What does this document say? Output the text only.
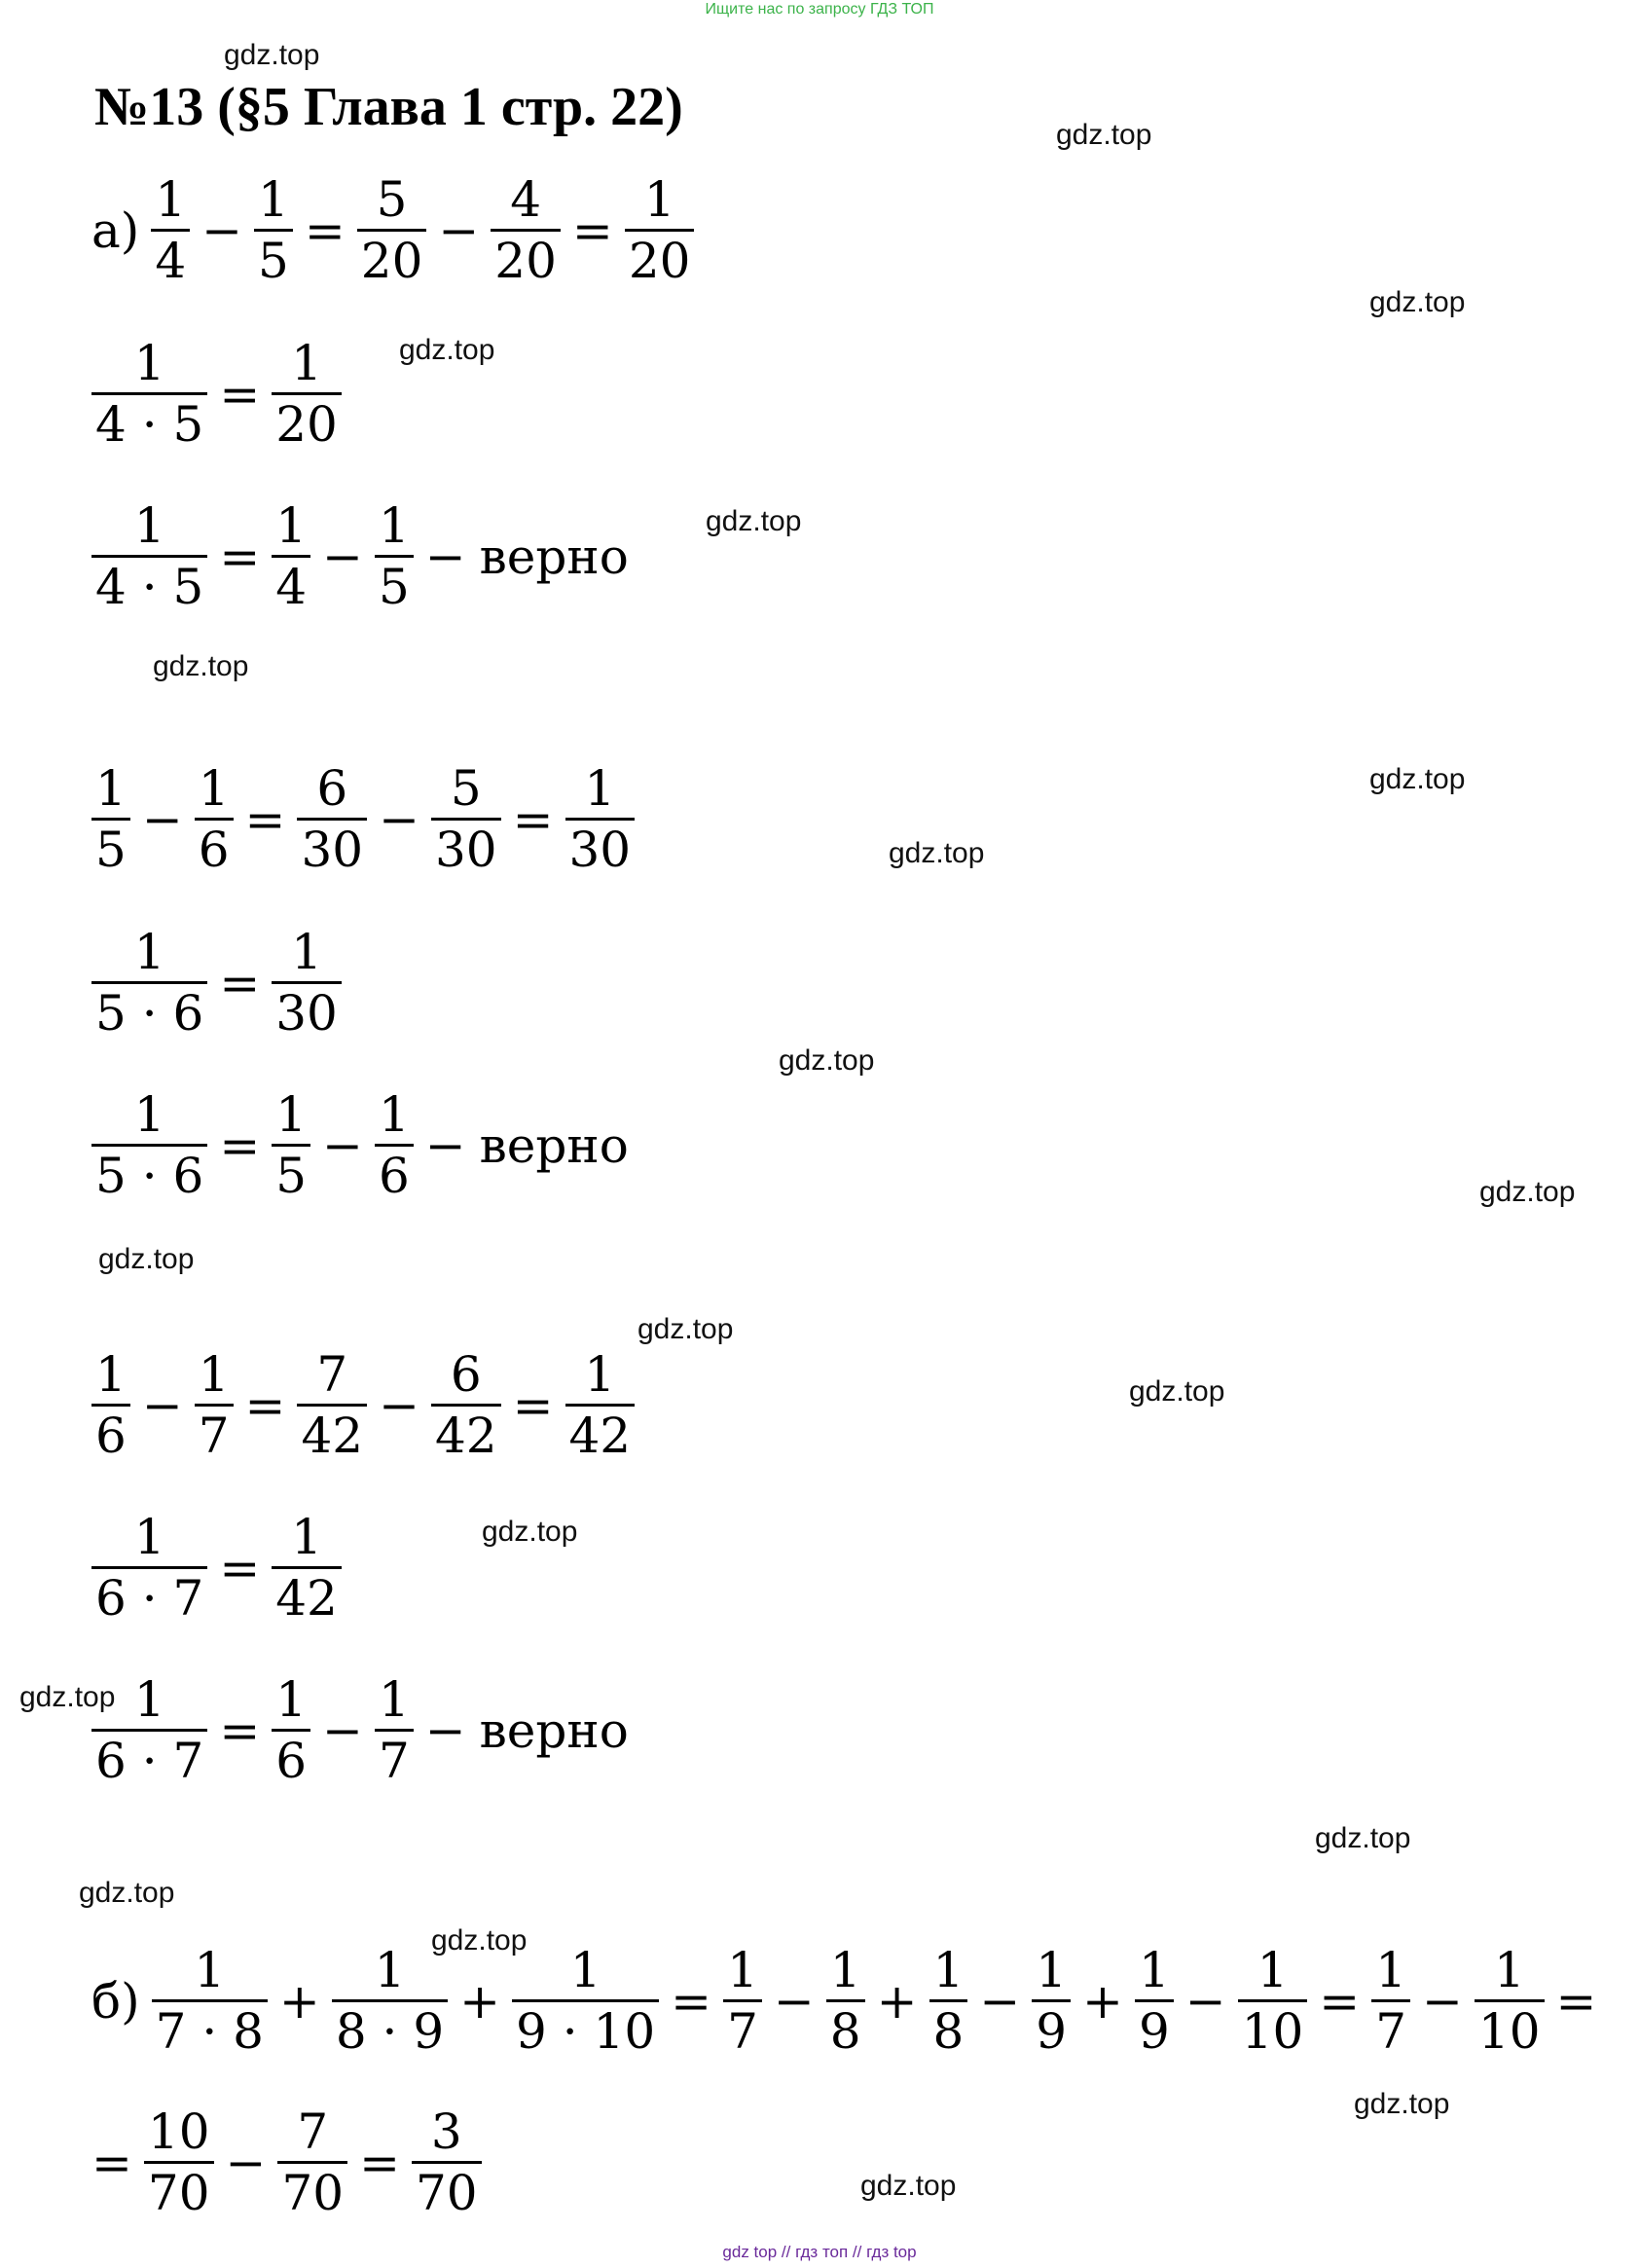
Ищите нас по запросу ГДЗ ТОП
№13 (§5 Глава 1 стр. 22)
$а) \frac{1}{4} - \frac{1}{5} = \frac{5}{20} - \frac{4}{20} = \frac{1}{20}$
$\frac{1}{4 \cdot 5} = \frac{1}{20}$
$\frac{1}{4 \cdot 5} = \frac{1}{4} - \frac{1}{5}$ − верно
$\frac{1}{5} - \frac{1}{6} = \frac{6}{30} - \frac{5}{30} = \frac{1}{30}$
$\frac{1}{5 \cdot 6} = \frac{1}{30}$
$\frac{1}{5 \cdot 6} = \frac{1}{5} - \frac{1}{6}$ − верно
$\frac{1}{6} - \frac{1}{7} = \frac{7}{42} - \frac{6}{42} = \frac{1}{42}$
$\frac{1}{6 \cdot 7} = \frac{1}{42}$
$\frac{1}{6 \cdot 7} = \frac{1}{6} - \frac{1}{7}$ − верно
$б) \frac{1}{7 \cdot 8} + \frac{1}{8 \cdot 9} + \frac{1}{9 \cdot 10} = \frac{1}{7} - \frac{1}{8} + \frac{1}{8} - \frac{1}{9} + \frac{1}{9} - \frac{1}{10} = \frac{1}{7} - \frac{1}{10}$ =
= $\frac{10}{70} - \frac{7}{70} = \frac{3}{70}$
gdz.top
gdz.top
gdz.top
gdz.top
gdz.top
gdz.top
gdz.top
gdz.top
gdz.top
gdz.top
gdz.top
gdz.top
gdz.top
gdz.top
gdz.top
gdz.top
gdz.top
gdz.top
gdz.top
gdz.top
gdz top // гдз топ // гдз top
